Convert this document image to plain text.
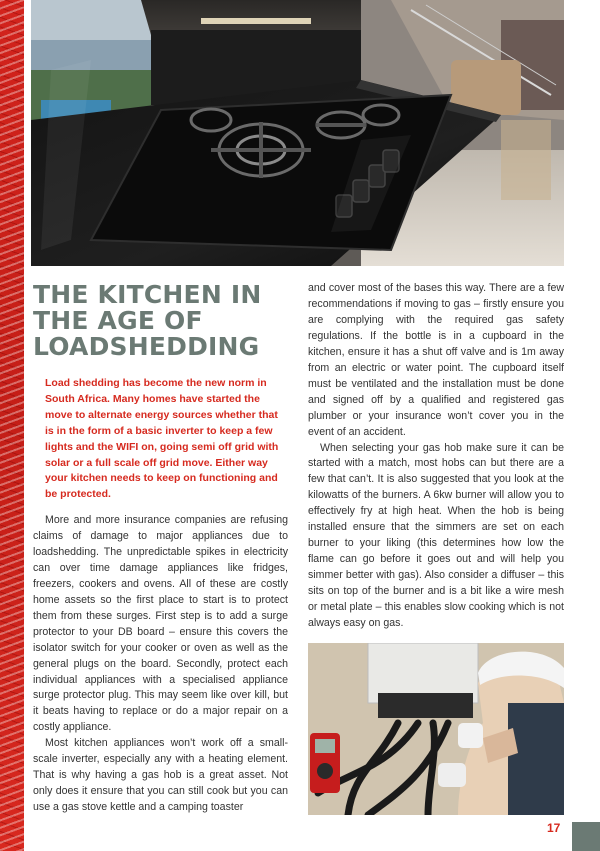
THE KITCHEN IN THE AGE OF LOADSHEDDING

Load shedding has become the new norm in South Africa. Many homes have started the move to alternate energy sources whether that is in the form of a basic inverter to keep a few lights and the WIFI on, going semi off grid with solar or a full scale off grid move. Either way your kitchen needs to keep on functioning and be protected.

More and more insurance companies are refusing claims of damage to major appliances due to loadshedding. The unpredictable spikes in electricity can over time damage appliances like fridges, freezers, cookers and ovens. All of these are costly home assets so the first place to start is to protect them from these surges. First step is to add a surge protector to your DB board – ensure this covers the isolator switch for your cooker or oven as well as the general plugs on the board. Secondly, protect each individual appliances with a specialised appliance surge protector plug. This may seem like over kill, but it beats having to replace or do a major repair on a costly appliance.

Most kitchen appliances won’t work off a small-scale inverter, especially any with a heating element. That is why having a gas hob is a great asset. Not only does it ensure that you can still cook but you can use a gas stove kettle and a camping toaster

and cover most of the bases this way. There are a few recommendations if moving to gas – firstly ensure you are complying with the required gas safety regulations. If the bottle is in a cupboard in the kitchen, ensure it has a shut off valve and is 1m away from an electric or water point. The cupboard itself must be ventilated and the installation must be done and signed off by a qualified and registered gas plumber or your insurance won’t cover you in the event of an accident.

When selecting your gas hob make sure it can be started with a match, most hobs can but there are a few that can’t. It is also suggested that you look at the kilowatts of the burners. A 6kw burner will allow you to effectively fry at high heat. When the hob is being installed ensure that the simmers are set on each burner to your liking (this determines how low the flame can go before it goes out and will help you simmer better with gas). Also consider a diffuser – this sits on top of the burner and is a bit like a wire mesh or metal plate – this enables slow cooking which is not always easy on gas.

17
